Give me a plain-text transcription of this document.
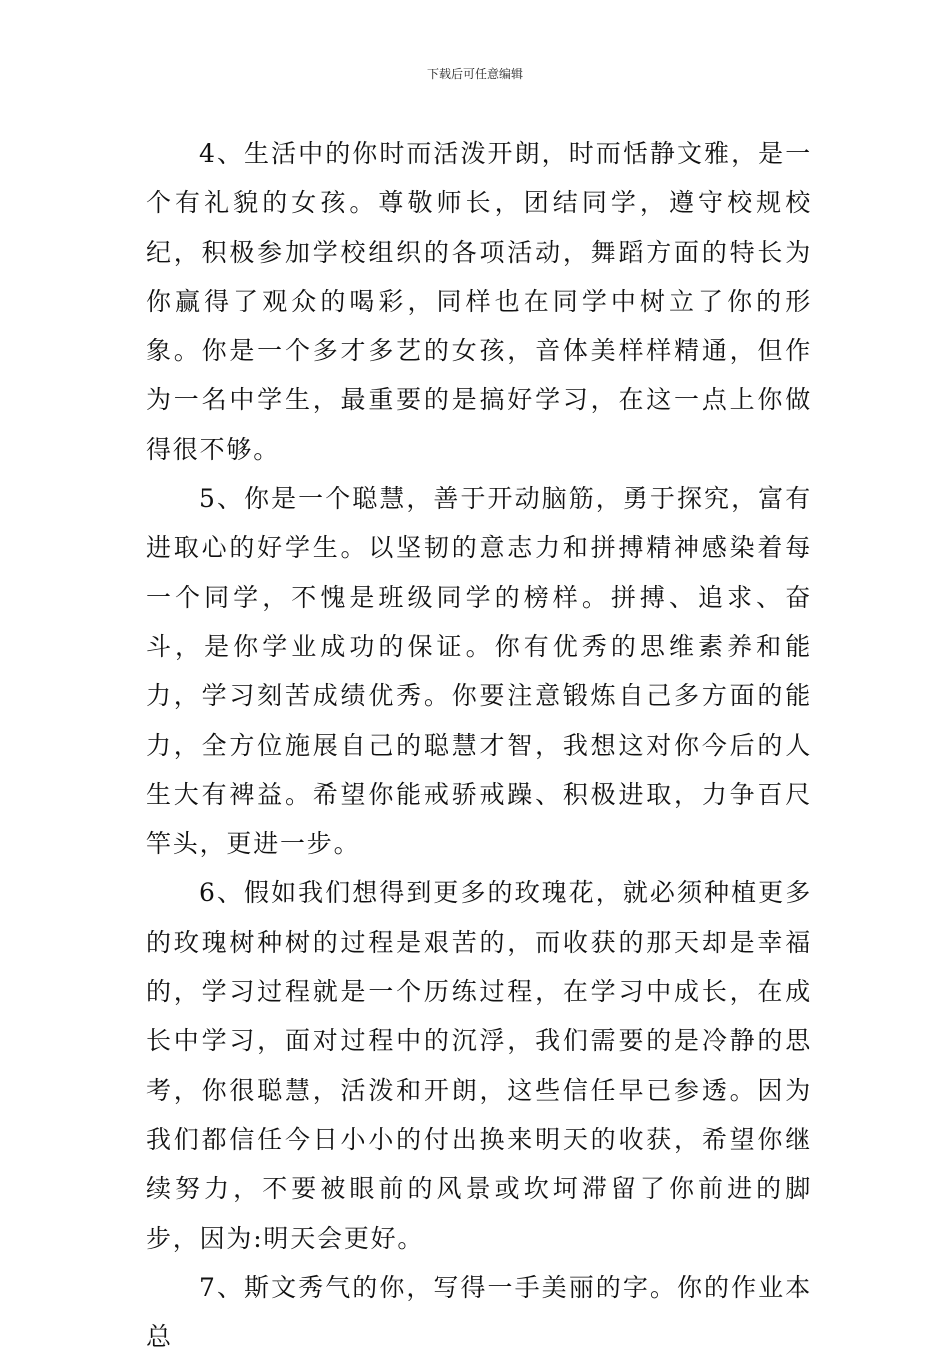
下载后可任意编辑

4、生活中的你时而活泼开朗，时而恬静文雅，是一个有礼貌的女孩。尊敬师长，团结同学，遵守校规校纪，积极参加学校组织的各项活动，舞蹈方面的特长为你赢得了观众的喝彩，同样也在同学中树立了你的形象。你是一个多才多艺的女孩，音体美样样精通，但作为一名中学生，最重要的是搞好学习，在这一点上你做得很不够。

5、你是一个聪慧，善于开动脑筋，勇于探究，富有进取心的好学生。以坚韧的意志力和拼搏精神感染着每一个同学，不愧是班级同学的榜样。拼搏、追求、奋斗，是你学业成功的保证。你有优秀的思维素养和能力，学习刻苦成绩优秀。你要注意锻炼自己多方面的能力，全方位施展自己的聪慧才智，我想这对你今后的人生大有裨益。希望你能戒骄戒躁、积极进取，力争百尺竿头，更进一步。

6、假如我们想得到更多的玫瑰花，就必须种植更多的玫瑰树种树的过程是艰苦的，而收获的那天却是幸福的，学习过程就是一个历练过程，在学习中成长，在成长中学习，面对过程中的沉浮，我们需要的是冷静的思考，你很聪慧，活泼和开朗，这些信任早已参透。因为我们都信任今日小小的付出换来明天的收获，希望你继续努力，不要被眼前的风景或坎坷滞留了你前进的脚步，因为:明天会更好。

7、斯文秀气的你，写得一手美丽的字。你的作业本总
